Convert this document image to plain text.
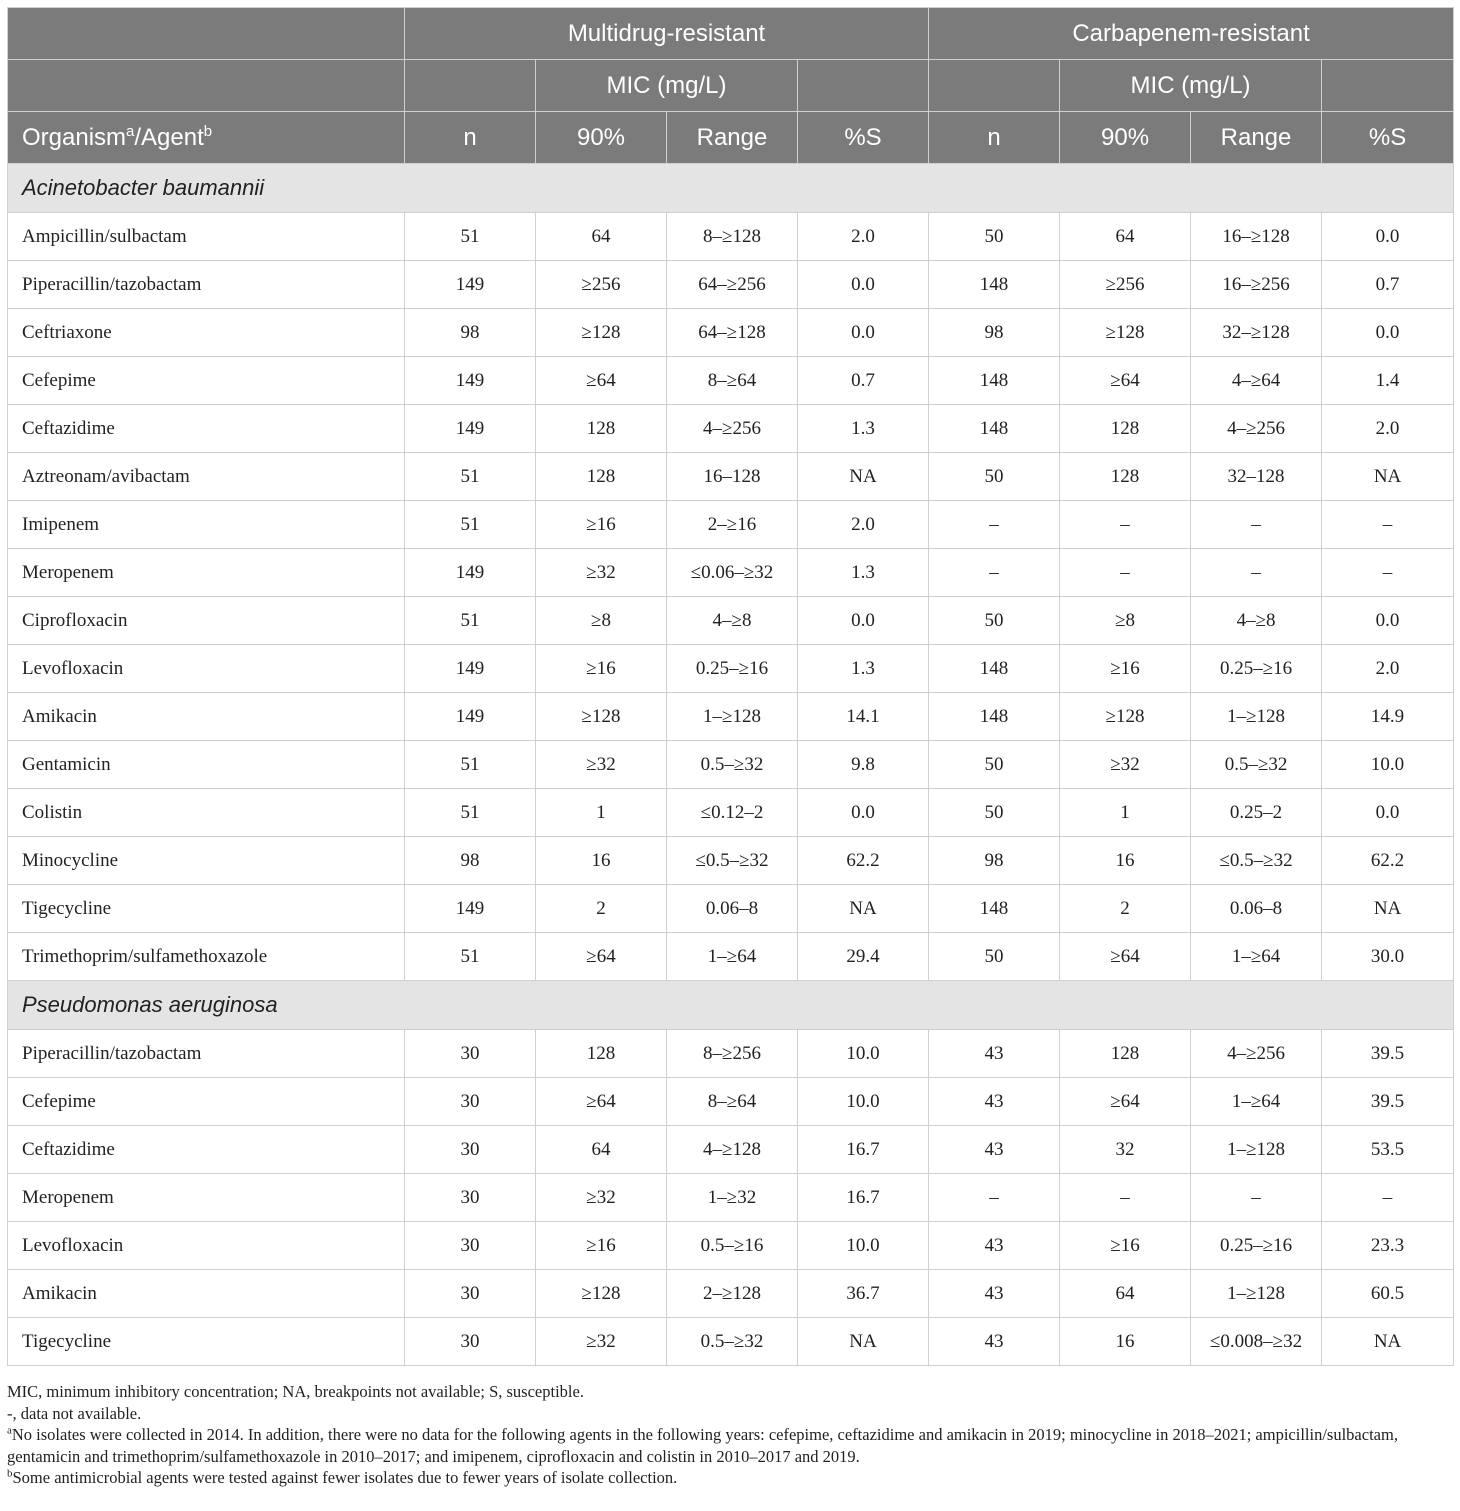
	Multidrug-resistant				Carbapenem-resistant			
		MIC (mg/L)				MIC (mg/L)		
Organism$^a$/Agent$^b$	n	90%	Range	%S	n	90%	Range	%S
Acinetobacter baumannii								
Ampicillin/sulbactam	51	64	8–≥128	2.0	50	64	16–≥128	0.0
Piperacillin/tazobactam	149	≥256	64–≥256	0.0	148	≥256	16–≥256	0.7
Ceftriaxone	98	≥128	64–≥128	0.0	98	≥128	32–≥128	0.0
Cefepime	149	≥64	8–≥64	0.7	148	≥64	4–≥64	1.4
Ceftazidime	149	128	4–≥256	1.3	148	128	4–≥256	2.0
Aztreonam/avibactam	51	128	16–128	NA	50	128	32–128	NA
Imipenem	51	≥16	2–≥16	2.0	–	–	–	–
Meropenem	149	≥32	≤0.06–≥32	1.3	–	–	–	–
Ciprofloxacin	51	≥8	4–≥8	0.0	50	≥8	4–≥8	0.0
Levofloxacin	149	≥16	0.25–≥16	1.3	148	≥16	0.25–≥16	2.0
Amikacin	149	≥128	1–≥128	14.1	148	≥128	1–≥128	14.9
Gentamicin	51	≥32	0.5–≥32	9.8	50	≥32	0.5–≥32	10.0
Colistin	51	1	≤0.12–2	0.0	50	1	0.25–2	0.0
Minocycline	98	16	≤0.5–≥32	62.2	98	16	≤0.5–≥32	62.2
Tigecycline	149	2	0.06–8	NA	148	2	0.06–8	NA
Trimethoprim/sulfamethoxazole	51	≥64	1–≥64	29.4	50	≥64	1–≥64	30.0
Pseudomonas aeruginosa								
Piperacillin/tazobactam	30	128	8–≥256	10.0	43	128	4–≥256	39.5
Cefepime	30	≥64	8–≥64	10.0	43	≥64	1–≥64	39.5
Ceftazidime	30	64	4–≥128	16.7	43	32	1–≥128	53.5
Meropenem	30	≥32	1–≥32	16.7	–	–	–	–
Levofloxacin	30	≥16	0.5–≥16	10.0	43	≥16	0.25–≥16	23.3
Amikacin	30	≥128	2–≥128	36.7	43	64	1–≥128	60.5
Tigecycline	30	≥32	0.5–≥32	NA	43	16	≤0.008–≥32	NA

MIC, minimum inhibitory concentration; NA, breakpoints not available; S, susceptible.

-, data not available.

$^a$No isolates were collected in 2014. In addition, there were no data for the following agents in the following years: cefepime, ceftazidime and amikacin in 2019; minocycline in 2018–2021; ampicillin/sulbactam, gentamicin and trimethoprim/sulfamethoxazole in 2010–2017; and imipenem, ciprofloxacin and colistin in 2010–2017 and 2019.

$^b$Some antimicrobial agents were tested against fewer isolates due to fewer years of isolate collection.
